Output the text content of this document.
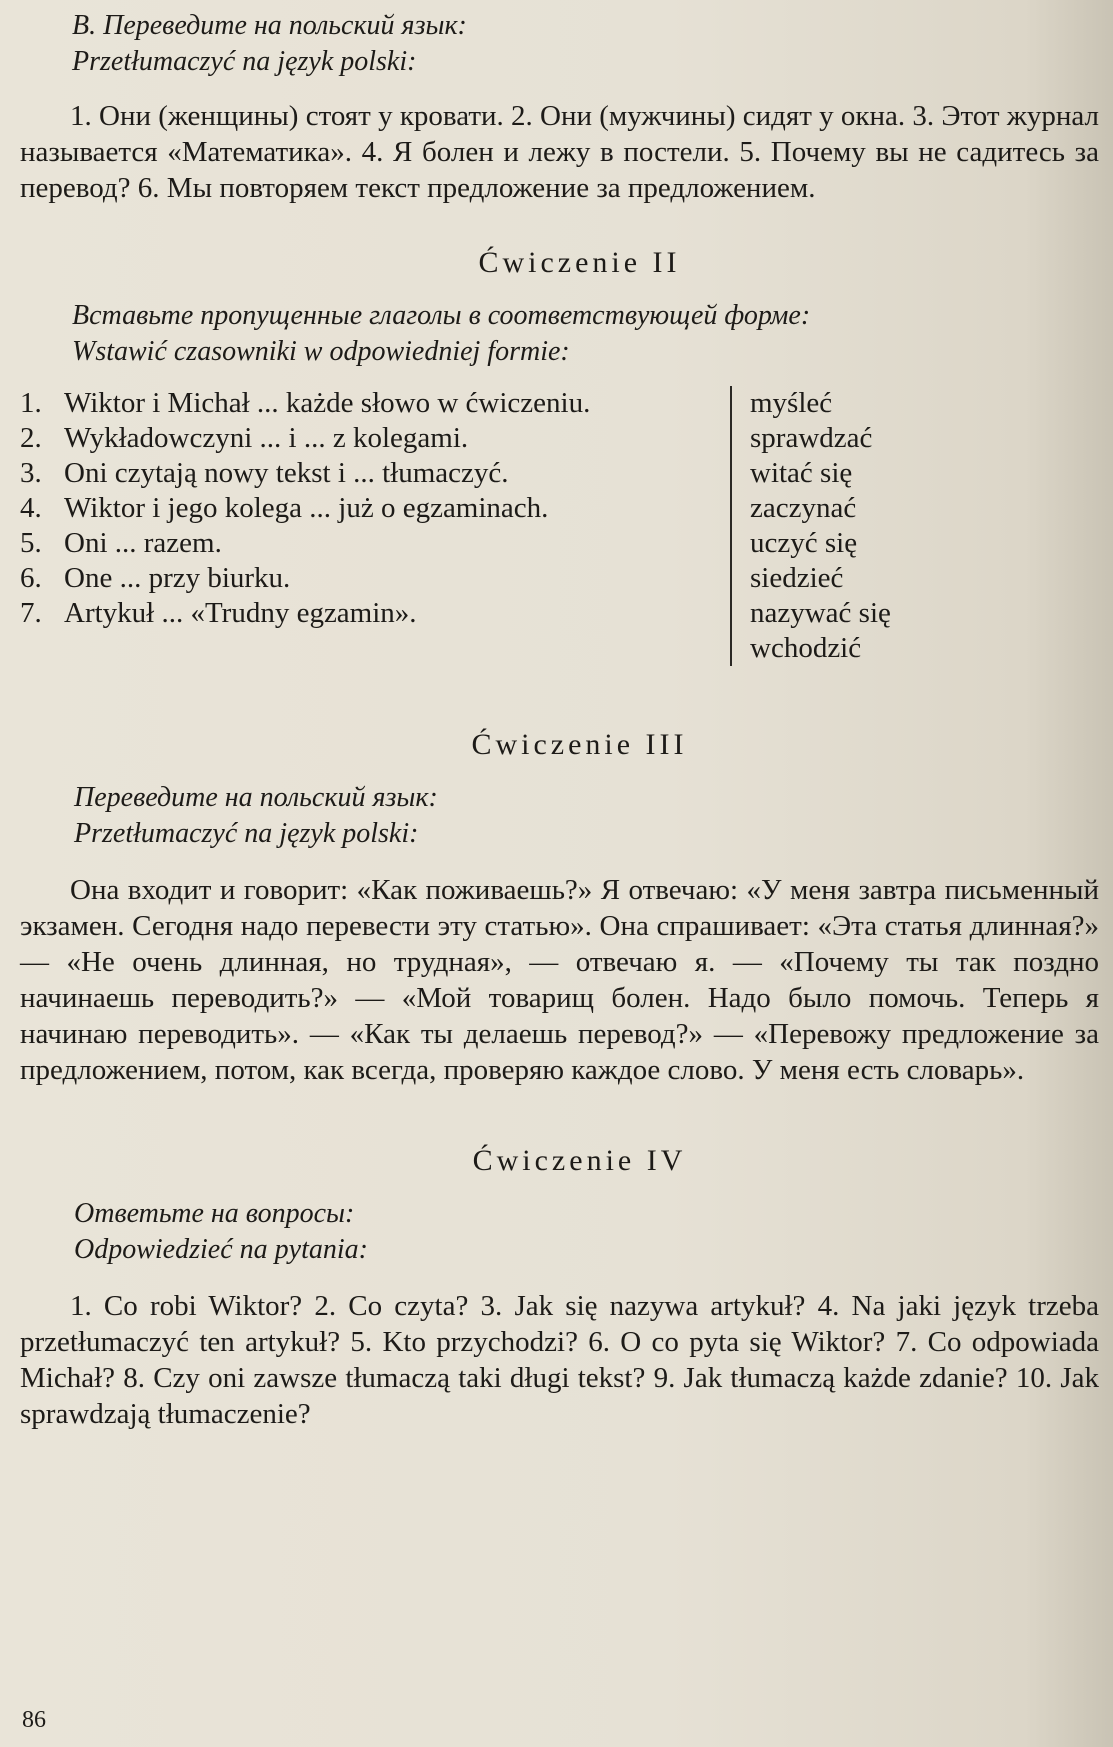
B. Переведите на польский язык:

Przetłumaczyć na język polski:

1. Они (женщины) стоят у кровати. 2. Они (мужчины) сидят у окна. 3. Этот журнал называется «Математика». 4. Я болен и лежу в постели. 5. Почему вы не садитесь за перевод? 6. Мы повторяем текст предложение за предложением.

Ćwiczenie II

Вставьте пропущенные глаголы в соответствующей форме:

Wstawić czasowniki w odpowiedniej formie:

1. Wiktor i Michał ... każde słowo w ćwiczeniu.
2. Wykładowczyni ... i ... z kolegami.
3. Oni czytają nowy tekst i ... tłumaczyć.
4. Wiktor i jego kolega ... już o egzaminach.
5. Oni ... razem.
6. One ... przy biurku.
7. Artykuł ... «Trudny egzamin».
myśleć
sprawdzać
witać się
zaczynać
uczyć się
siedzieć
nazywać się
wchodzić

Ćwiczenie III

Переведите на польский язык:

Przetłumaczyć na język polski:

Она входит и говорит: «Как поживаешь?» Я отвечаю: «У меня завтра письменный экзамен. Сегодня надо перевести эту статью». Она спрашивает: «Эта статья длинная?» — «Не очень длинная, но трудная», — отвечаю я. — «Почему ты так поздно начинаешь переводить?» — «Мой товарищ болен. Надо было помочь. Теперь я начинаю переводить». — «Как ты делаешь перевод?» — «Перевожу предложение за предложением, потом, как всегда, проверяю каждое слово. У меня есть словарь».

Ćwiczenie IV

Ответьте на вопросы:

Odpowiedzieć na pytania:

1. Co robi Wiktor? 2. Co czyta? 3. Jak się nazywa artykuł? 4. Na jaki język trzeba przetłumaczyć ten artykuł? 5. Kto przychodzi? 6. O co pyta się Wiktor? 7. Co odpowiada Michał? 8. Czy oni zawsze tłumaczą taki długi tekst? 9. Jak tłumaczą każde zdanie? 10. Jak sprawdzają tłumaczenie?

86
